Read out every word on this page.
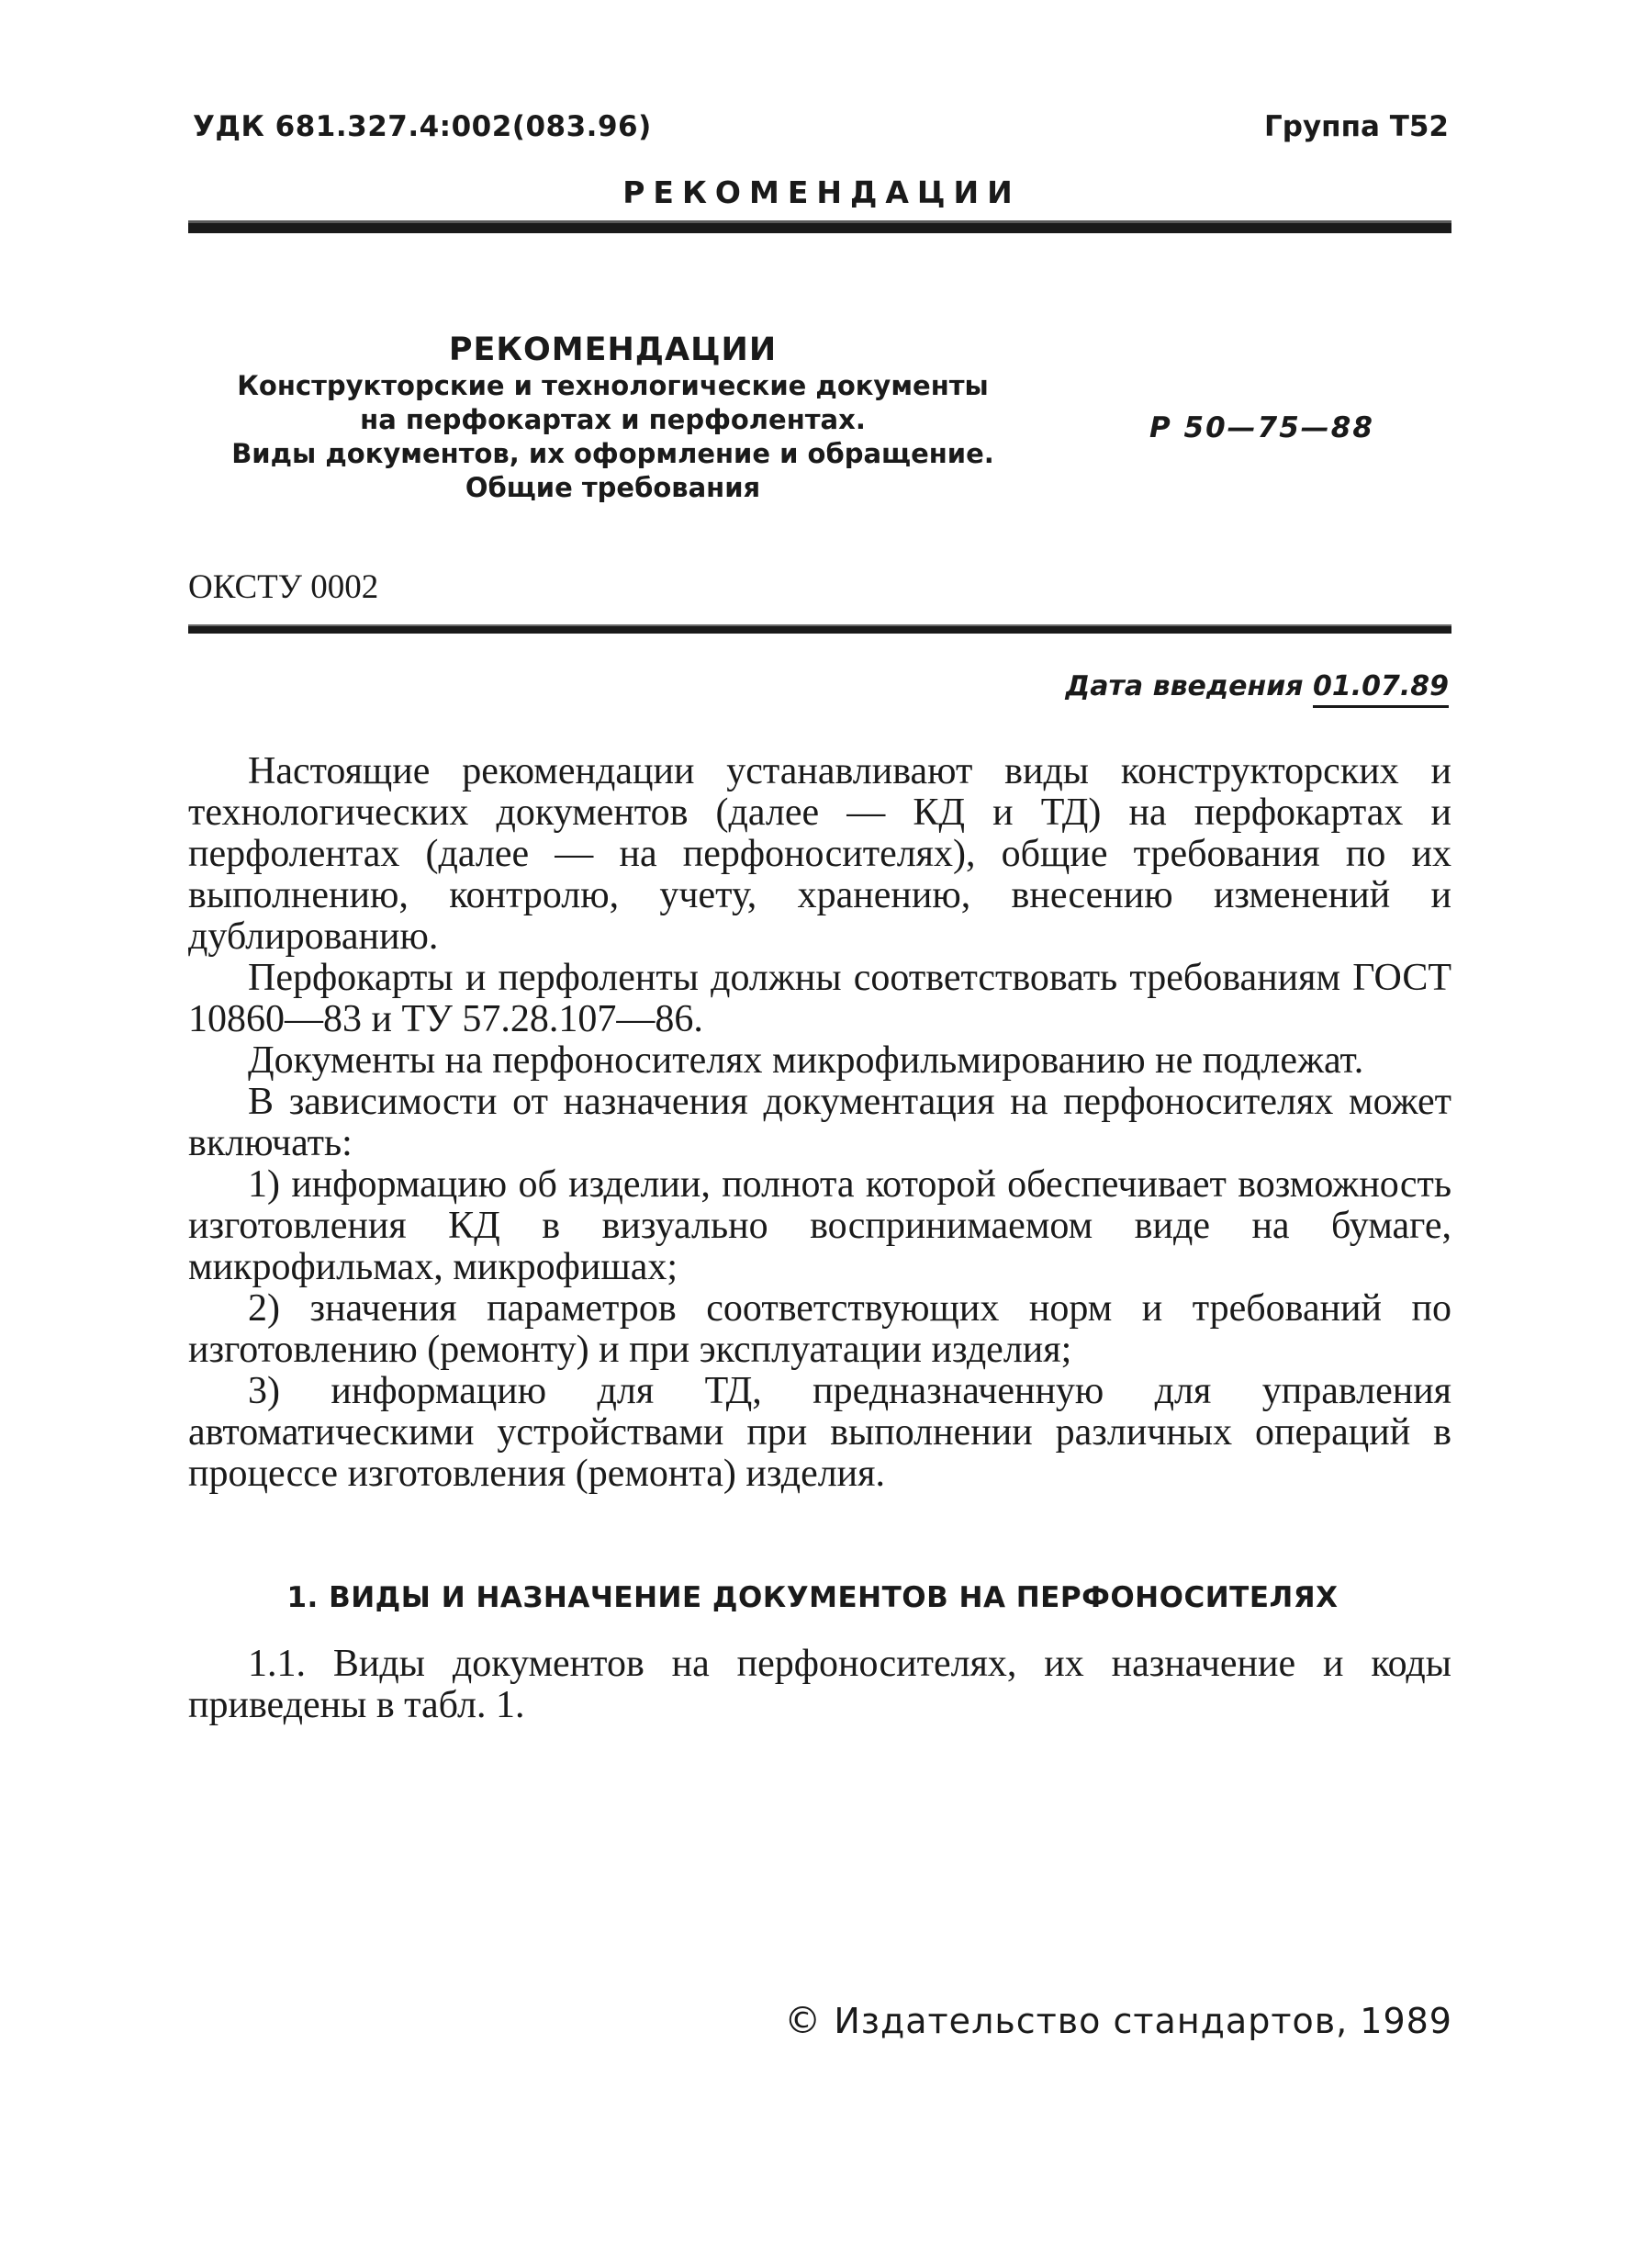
УДК 681.327.4:002(083.96)	Группа Т52
РЕКОМЕНДАЦИИ
РЕКОМЕНДАЦИИ
Конструкторские и технологические документы
на перфокартах и перфолентах.
Виды документов, их оформление и обращение.
Общие требования
Р 50—75—88
ОКСТУ 0002
Дата введения 01.07.89

Настоящие рекомендации устанавливают виды конструкторских и технологических документов (далее — КД и ТД) на перфокартах и перфолентах (далее — на перфоносителях), общие требования по их выполнению, контролю, учету, хранению, внесению изменений и дублированию.

Перфокарты и перфоленты должны соответствовать требованиям ГОСТ 10860—83 и ТУ 57.28.107—86.

Документы на перфоносителях микрофильмированию не подлежат.

В зависимости от назначения документация на перфоносителях может включать:

1) информацию об изделии, полнота которой обеспечивает возможность изготовления КД в визуально воспринимаемом виде на бумаге, микрофильмах, микрофишах;
2) значения параметров соответствующих норм и требований по изготовлению (ремонту) и при эксплуатации изделия;
3) информацию для ТД, предназначенную для управления автоматическими устройствами при выполнении различных операций в процессе изготовления (ремонта) изделия.
1. ВИДЫ И НАЗНАЧЕНИЕ ДОКУМЕНТОВ НА ПЕРФОНОСИТЕЛЯХ

1.1. Виды документов на перфоносителях, их назначение и коды приведены в табл. 1.

© Издательство стандартов, 1989
